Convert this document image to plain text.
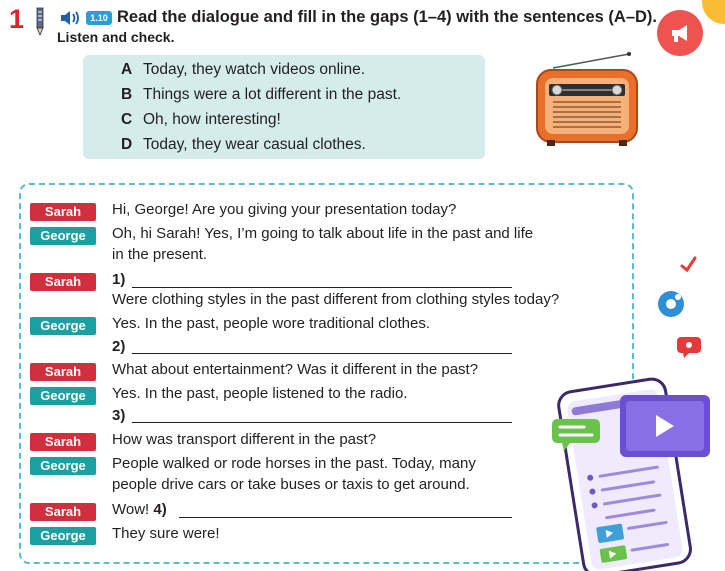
1	1.10 Read the dialogue and fill in the gaps (1–4) with the sentences (A–D).
Listen and check.
A Today, they watch videos online.
B Things were a lot different in the past.
C Oh, how interesting!
D Today, they wear casual clothes.
Sarah	Hi, George! Are you giving your presentation today?
George	Oh, hi Sarah! Yes, I’m going to talk about life in the past and life
in the present.
Sarah	1)
Were clothing styles in the past different from clothing styles today?
George	Yes. In the past, people wore traditional clothes.
2)
Sarah	What about entertainment? Was it different in the past?
George	Yes. In the past, people listened to the radio.
3)
Sarah	How was transport different in the past?
George	People walked or rode horses in the past. Today, many
people drive cars or take buses or taxis to get around.
Sarah	Wow! 4)
George	They sure were!
